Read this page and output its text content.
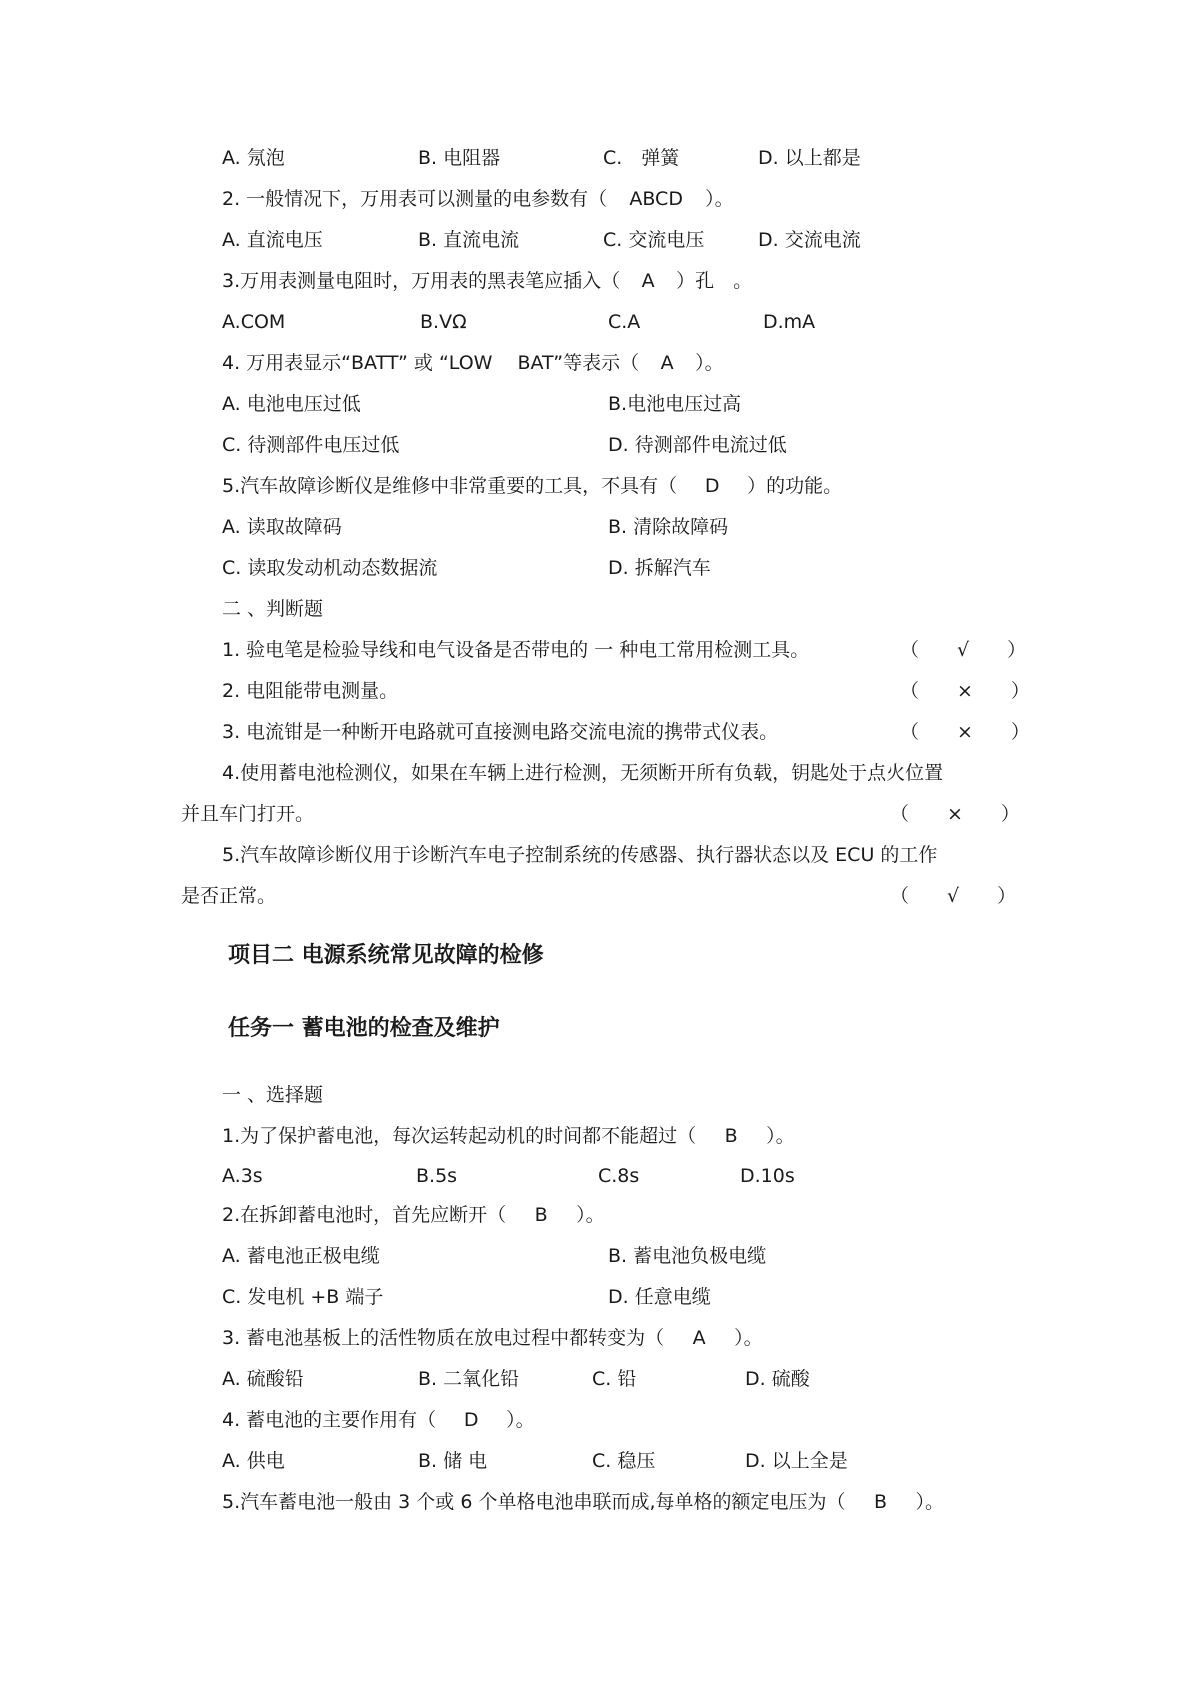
A. 氖泡	B. 电阻器	C.　弹簧	D. 以上都是
2. 一般情况下，万用表可以测量的电参数有（ ABCD ）。
A. 直流电压	B. 直流电流	C. 交流电压	D. 交流电流
3.万用表测量电阻时，万用表的黑表笔应插入（ A ）孔　。
A.COM	B.VΩ	C.A	D.mA
4. 万用表显示“BATT” 或 “LOW　 BAT”等表示（ A ）。
A. 电池电压过低	B.电池电压过高
C. 待测部件电压过低	D. 待测部件电流过低
5.汽车故障诊断仪是维修中非常重要的工具，不具有（ D ）的功能。
A. 读取故障码	B. 清除故障码
C. 读取发动机动态数据流	D. 拆解汽车
二 、判断题
1. 验电笔是检验导线和电气设备是否带电的 一 种电工常用检测工具。	（　　√　　）
2. 电阻能带电测量。	（　　×　　）
3. 电流钳是一种断开电路就可直接测电路交流电流的携带式仪表。	（　　×　　）
4.使用蓄电池检测仪，如果在车辆上进行检测，无须断开所有负载，钥匙处于点火位置
并且车门打开。	（　　×　　）
5.汽车故障诊断仪用于诊断汽车电子控制系统的传感器、执行器状态以及 ECU 的工作
是否正常。	（　　√　　）
项目二 电源系统常见故障的检修
任务一 蓄电池的检查及维护
一 、选择题
1.为了保护蓄电池，每次运转起动机的时间都不能超过（ B ）。
A.3s	B.5s	C.8s	D.10s
2.在拆卸蓄电池时，首先应断开（ B ）。
A. 蓄电池正极电缆	B. 蓄电池负极电缆
C. 发电机 +B 端子	D. 任意电缆
3. 蓄电池基板上的活性物质在放电过程中都转变为（ A ）。
A. 硫酸铅	B. 二氧化铅	C. 铅	D. 硫酸
4. 蓄电池的主要作用有（ D ）。
A. 供电	B. 储 电	C. 稳压	D. 以上全是
5.汽车蓄电池一般由 3 个或 6 个单格电池串联而成,每单格的额定电压为（ B ）。
